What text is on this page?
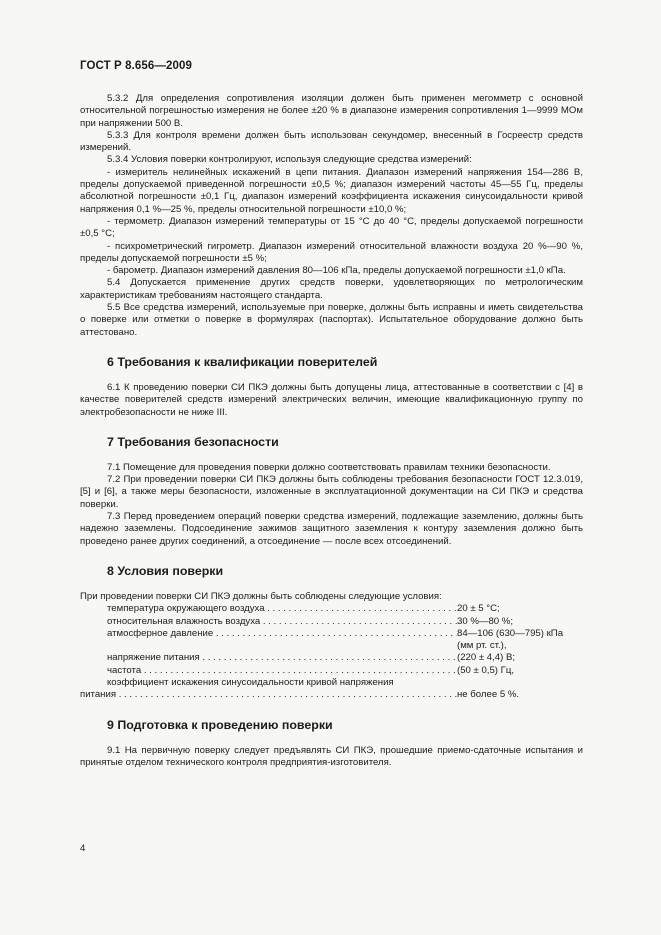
ГОСТ Р 8.656—2009

5.3.2 Для определения сопротивления изоляции должен быть применен мегомметр с основной относительной погрешностью измерения не более ±20 % в диапазоне измерения сопротивления 1—9999 МОм при напряжении 500 В.

5.3.3 Для контроля времени должен быть использован секундомер, внесенный в Госреестр средств измерений.

5.3.4 Условия поверки контролируют, используя следующие средства измерений:

- измеритель нелинейных искажений в цепи питания. Диапазон измерений напряжения 154—286 В, пределы допускаемой приведенной погрешности ±0,5 %; диапазон измерений частоты 45—55 Гц, пределы абсолютной погрешности ±0,1 Гц, диапазон измерений коэффициента искажения синусоидальности кривой напряжения 0,1 %—25 %, пределы относительной погрешности ±10,0 %;

- термометр. Диапазон измерений температуры от 15 °С до 40 °С, пределы допускаемой погрешности ±0,5 °С;

- психрометрический гигрометр. Диапазон измерений относительной влажности воздуха 20 %—90 %, пределы допускаемой погрешности ±5 %;

- барометр. Диапазон измерений давления 80—106 кПа, пределы допускаемой погрешности ±1,0 кПа.

5.4 Допускается применение других средств поверки, удовлетворяющих по метрологическим характеристикам требованиям настоящего стандарта.

5.5 Все средства измерений, используемые при поверке, должны быть исправны и иметь свидетельства о поверке или отметки о поверке в формулярах (паспортах). Испытательное оборудование должно быть аттестовано.

6 Требования к квалификации поверителей

6.1 К проведению поверки СИ ПКЭ должны быть допущены лица, аттестованные в соответствии с [4] в качестве поверителей средств измерений электрических величин, имеющие квалификационную группу по электробезопасности не ниже III.

7 Требования безопасности

7.1 Помещение для проведения поверки должно соответствовать правилам техники безопасности.

7.2 При проведении поверки СИ ПКЭ должны быть соблюдены требования безопасности ГОСТ 12.3.019, [5] и [6], а также меры безопасности, изложенные в эксплуатационной документации на СИ ПКЭ и средства поверки.

7.3 Перед проведением операций поверки средства измерений, подлежащие заземлению, должны быть надежно заземлены. Подсоединение зажимов защитного заземления к контуру заземления должно быть проведено ранее других соединений, а отсоединение — после всех отсоединений.

8 Условия поверки

При проведении поверки СИ ПКЭ должны быть соблюдены следующие условия:

температура окружающего воздуха . . .	20 ± 5 °С;
относительная влажность воздуха . . .	30 %—80 %;
атмосферное давление . . .	84—106 (630—795) кПа
(мм рт. ст.),
напряжение питания . . .	(220 ± 4,4) В;
частота . . .	(50 ± 0,5) Гц,
коэффициент искажения синусоидальности кривой напряжения
питания . . .	не более 5 %.
9 Подготовка к проведению поверки

9.1 На первичную поверку следует предъявлять СИ ПКЭ, прошедшие приемо-сдаточные испытания и принятые отделом технического контроля предприятия-изготовителя.

4
